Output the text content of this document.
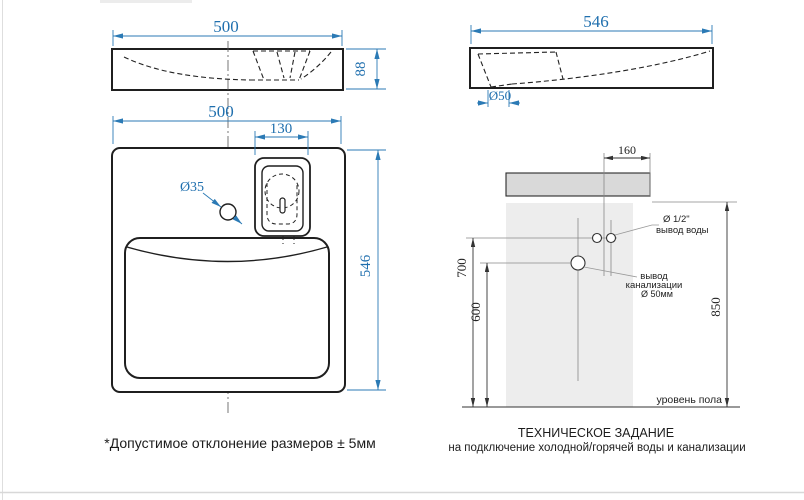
500
88
546
Ø50
Ø35
500
130
546
Ø 1/2"
вывод воды
вывод
канализации
Ø 50мм
160
700
600	850
уровень пола
*Допустимое отклонение размеров ± 5мм
ТЕХНИЧЕСКОЕ ЗАДАНИЕ
на подключение холодной/горячей воды и канализации
